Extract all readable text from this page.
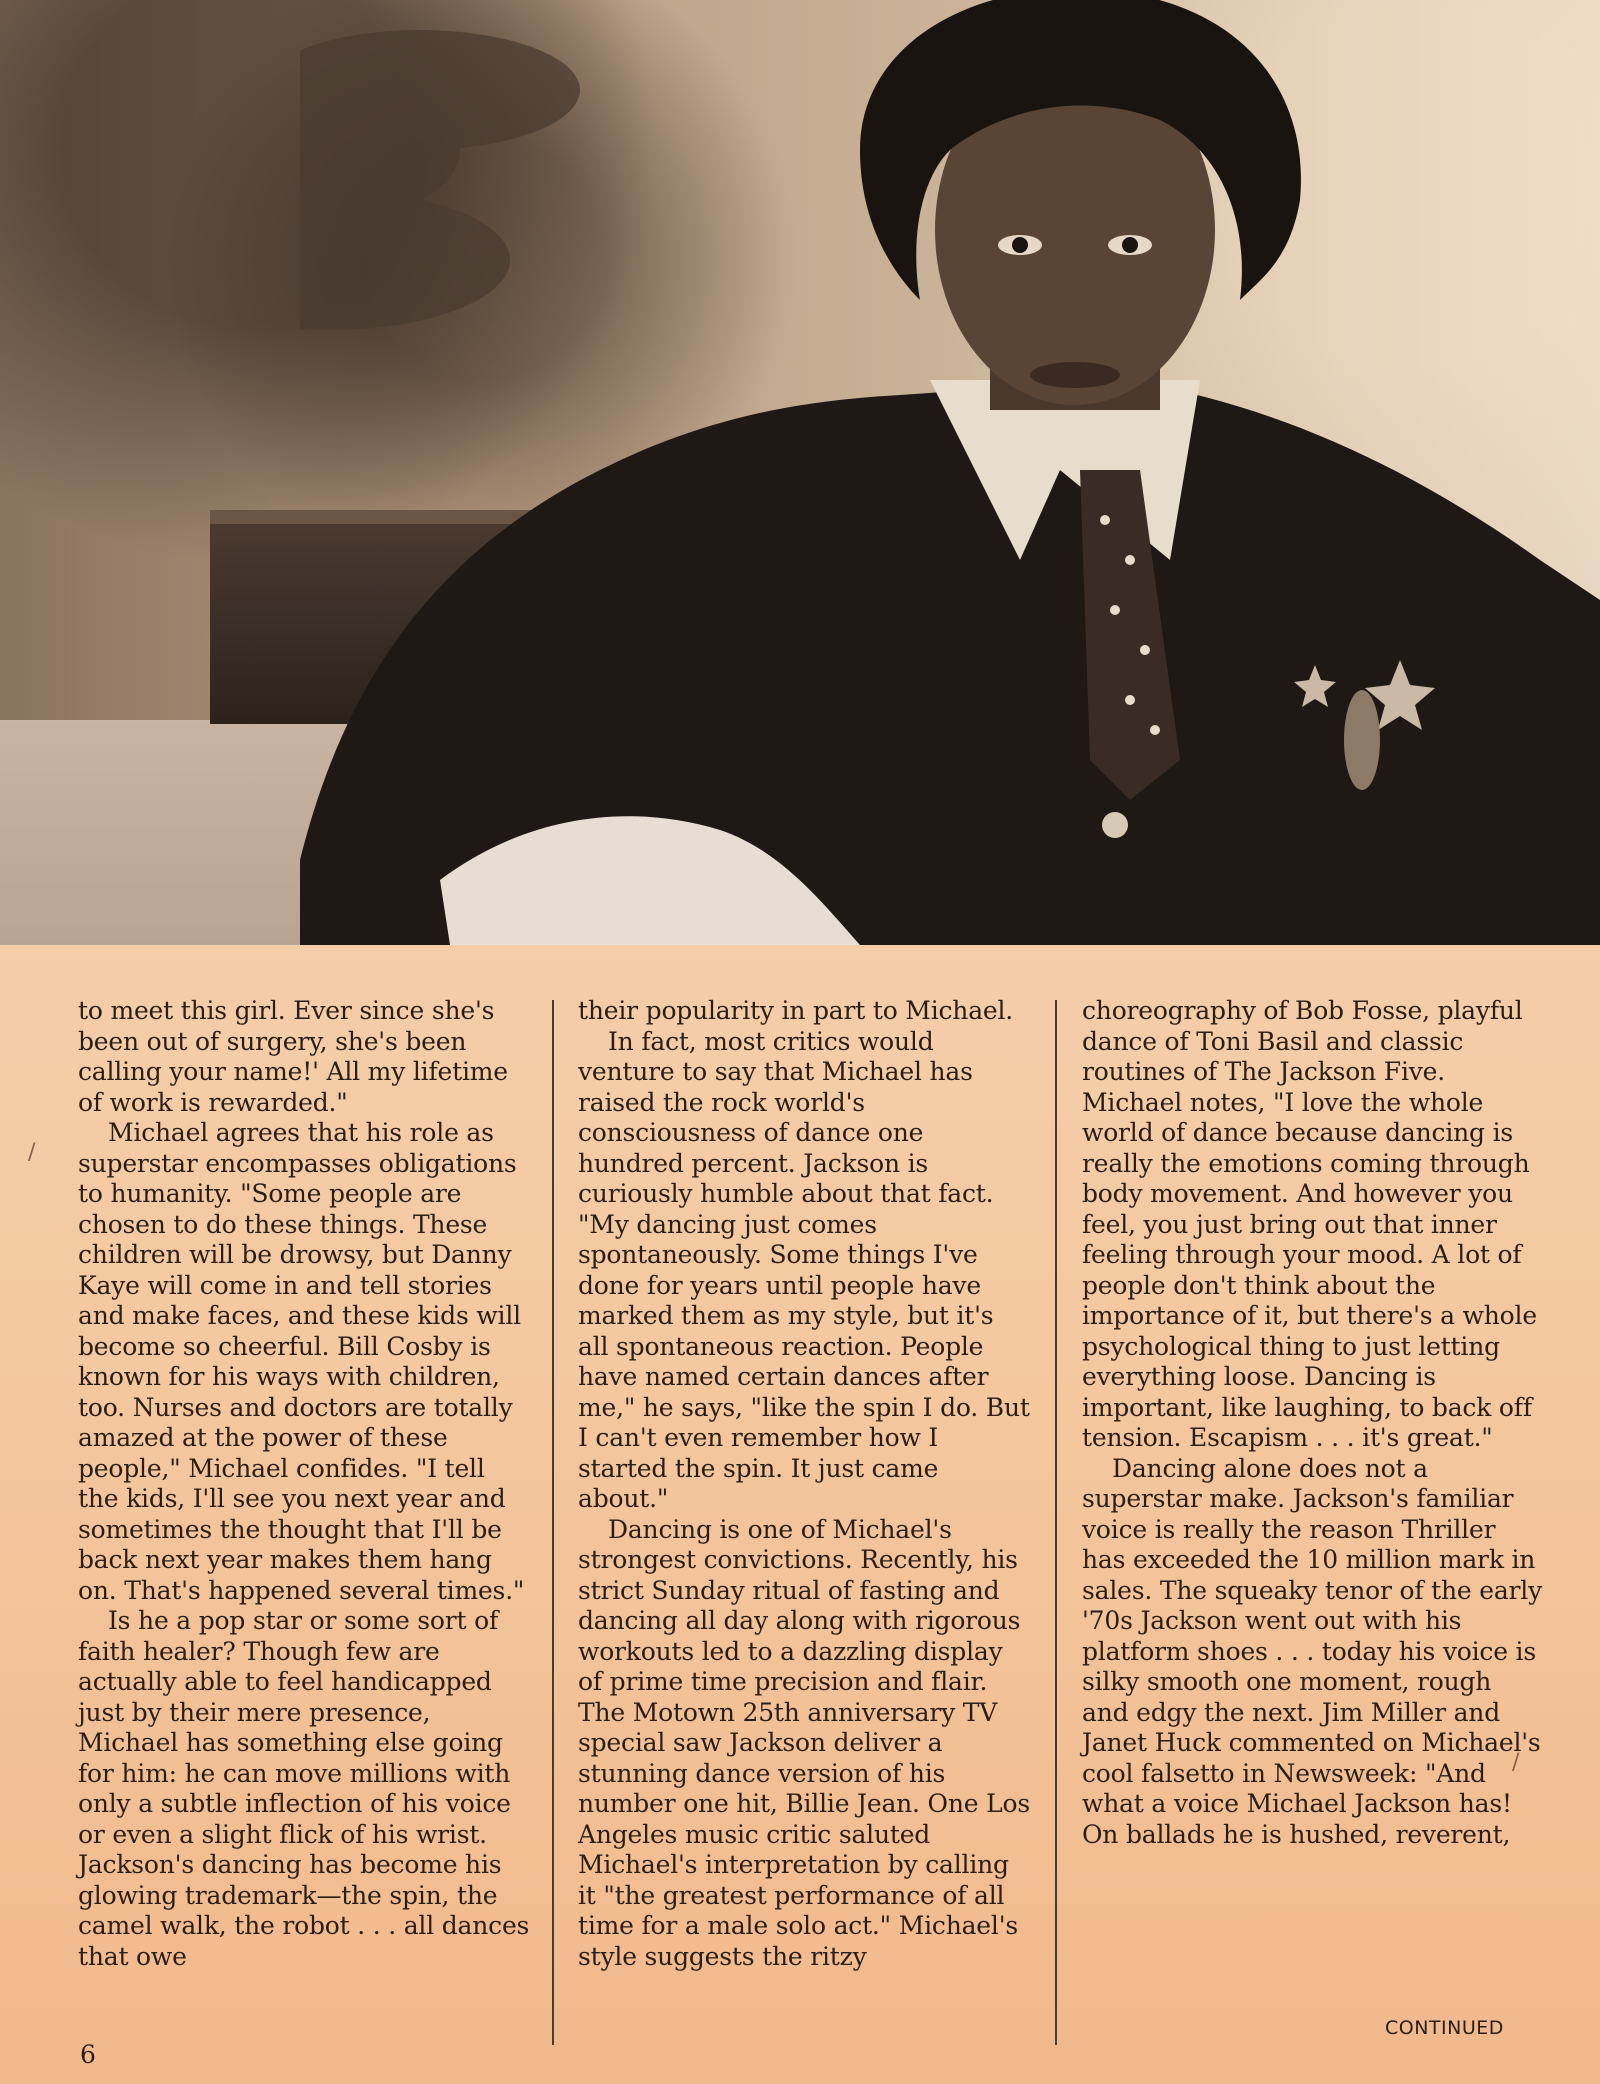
/
/

to meet this girl. Ever since she's been out of surgery, she's been calling your name!' All my lifetime of work is rewarded."

Michael agrees that his role as superstar encompasses obligations to humanity. "Some people are chosen to do these things. These children will be drowsy, but Danny Kaye will come in and tell stories and make faces, and these kids will become so cheerful. Bill Cosby is known for his ways with children, too. Nurses and doctors are totally amazed at the power of these people," Michael confides. "I tell the kids, I'll see you next year and sometimes the thought that I'll be back next year makes them hang on. That's happened several times."

Is he a pop star or some sort of faith healer? Though few are actually able to feel handicapped just by their mere presence, Michael has something else going for him: he can move millions with only a subtle inflection of his voice or even a slight flick of his wrist. Jackson's dancing has become his glowing trademark—the spin, the camel walk, the robot . . . all dances that owe

their popularity in part to Michael.

In fact, most critics would venture to say that Michael has raised the rock world's consciousness of dance one hundred percent. Jackson is curiously humble about that fact. "My dancing just comes spontaneously. Some things I've done for years until people have marked them as my style, but it's all spontaneous reaction. People have named certain dances after me," he says, "like the spin I do. But I can't even remember how I started the spin. It just came about."

Dancing is one of Michael's strongest convictions. Recently, his strict Sunday ritual of fasting and dancing all day along with rigorous workouts led to a dazzling display of prime time precision and flair. The Motown 25th anniversary TV special saw Jackson deliver a stunning dance version of his number one hit, Billie Jean. One Los Angeles music critic saluted Michael's interpretation by calling it "the greatest performance of all time for a male solo act." Michael's style suggests the ritzy

choreography of Bob Fosse, playful dance of Toni Basil and classic routines of The Jackson Five. Michael notes, "I love the whole world of dance because dancing is really the emotions coming through body movement. And however you feel, you just bring out that inner feeling through your mood. A lot of people don't think about the importance of it, but there's a whole psychological thing to just letting everything loose. Dancing is important, like laughing, to back off tension. Escapism . . . it's great."

Dancing alone does not a superstar make. Jackson's familiar voice is really the reason Thriller has exceeded the 10 million mark in sales. The squeaky tenor of the early '70s Jackson went out with his platform shoes . . . today his voice is silky smooth one moment, rough and edgy the next. Jim Miller and Janet Huck commented on Michael's cool falsetto in Newsweek: "And what a voice Michael Jackson has! On ballads he is hushed, reverent,

6
CONTINUED
